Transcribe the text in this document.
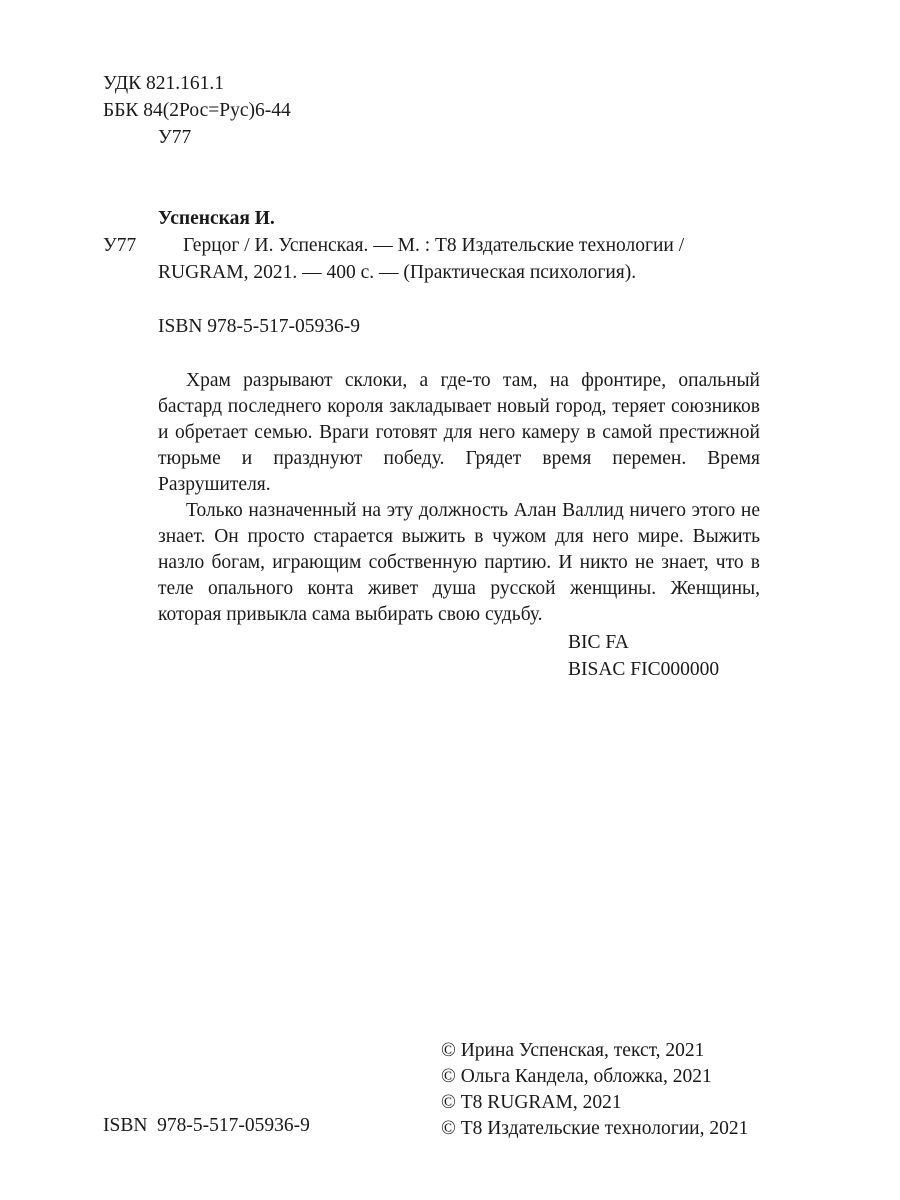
УДК 821.161.1
ББК 84(2Рос=Рус)6-44
У77
Успенская И.
У77 Герцог / И. Успенская. — М. : Т8 Издательские технологии /
RUGRAM, 2021. — 400 с. — (Практическая психология).
ISBN 978-5-517-05936-9

Храм разрывают склоки, а где-то там, на фронтире, опальный бастард последнего короля закладывает новый город, теряет союзников и обретает семью. Враги готовят для него камеру в самой престижной тюрьме и празднуют победу. Грядет время перемен. Время Разрушителя.

Только назначенный на эту должность Алан Валлид ничего этого не знает. Он просто старается выжить в чужом для него мире. Выжить назло богам, играющим собственную партию. И никто не знает, что в теле опального конта живет душа русской женщины. Женщины, которая привыкла сама выбирать свою судьбу.

BIC FA
BISAC FIC000000
© Ирина Успенская, текст, 2021
© Ольга Кандела, обложка, 2021
© Т8 RUGRAM, 2021
© Т8 Издательские технологии, 2021
ISBN  978-5-517-05936-9
